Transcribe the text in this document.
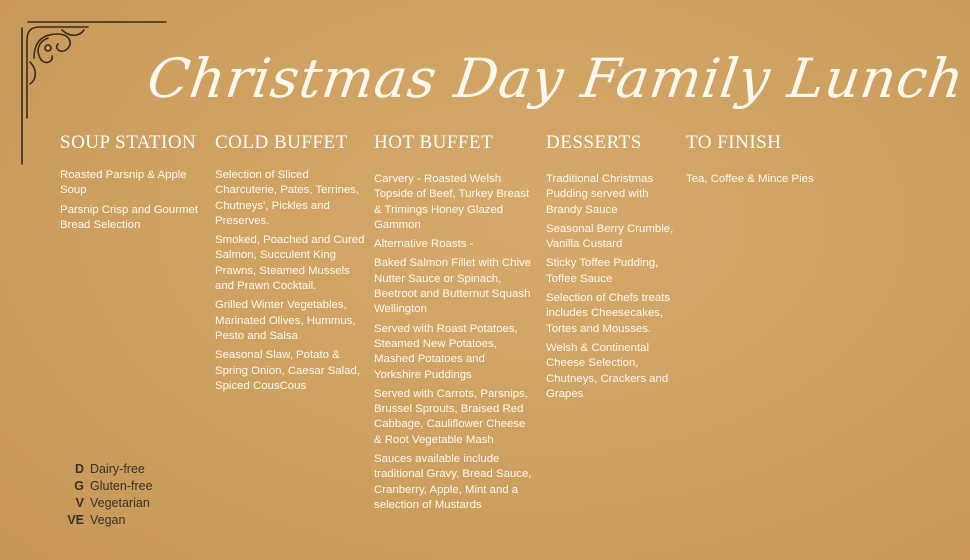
Christmas Day Family Lunch
SOUP STATION
Roasted Parsnip & Apple Soup
Parsnip Crisp and Gourmet Bread Selection
COLD BUFFET
Selection of Sliced Charcuterie, Pates, Terrines, Chutneys', Pickles and Preserves.
Smoked, Poached and Cured Salmon, Succulent King Prawns, Steamed Mussels and Prawn Cocktail.
Grilled Winter Vegetables, Marinated Olives, Hummus, Pesto and Salsa
Seasonal Slaw, Potato & Spring Onion, Caesar Salad, Spiced CousCous
HOT BUFFET
Carvery - Roasted Welsh Topside of Beef, Turkey Breast & Trimings Honey Glazed Gammon
Alternative Roasts -
Baked Salmon Fillet with Chive Nutter Sauce or Spinach, Beetroot and Butternut Squash Wellington
Served with Roast Potatoes, Steamed New Potatoes, Mashed Potatoes and Yorkshire Puddings
Served with Carrots, Parsnips, Brussel Sprouts, Braised Red Cabbage, Cauliflower Cheese & Root Vegetable Mash
Sauces available include traditional Gravy, Bread Sauce, Cranberry, Apple, Mint and a selection of Mustards
DESSERTS
Traditional Christmas Pudding served with Brandy Sauce
Seasonal Berry Crumble, Vanilla Custard
Sticky Toffee Pudding, Toffee Sauce
Selection of Chefs treats includes Cheesecakes, Tortes and Mousses.
Welsh & Continental Cheese Selection, Chutneys, Crackers and Grapes
TO FINISH
Tea, Coffee & Mince Pies
D Dairy-free
G Gluten-free
V Vegetarian
VE Vegan
